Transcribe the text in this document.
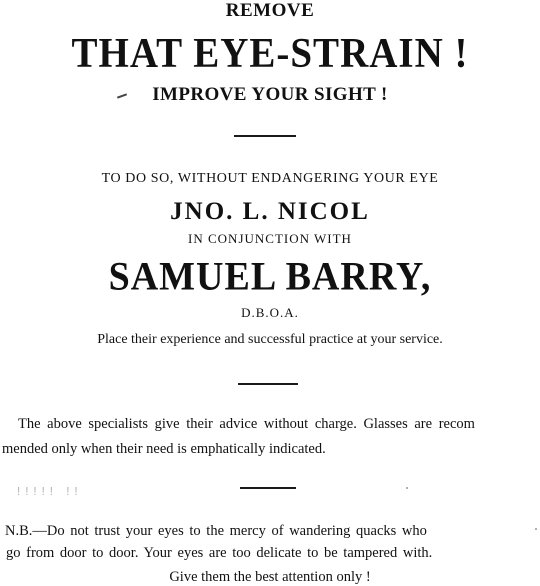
REMOVE
THAT EYE-STRAIN !
IMPROVE YOUR SIGHT !
TO DO SO, WITHOUT ENDANGERING YOUR EYE
JNO. L. NICOL
IN CONJUNCTION WITH
SAMUEL BARRY,
D.B.O.A.
Place their experience and successful practice at your service.
The above specialists give their advice without charge. Glasses are recom
mended only when their need is emphatically indicated.
!!!!! !!
N.B.—Do not trust your eyes to the mercy of wandering quacks who
go from door to door. Your eyes are too delicate to be tampered with.
Give them the best attention only !
